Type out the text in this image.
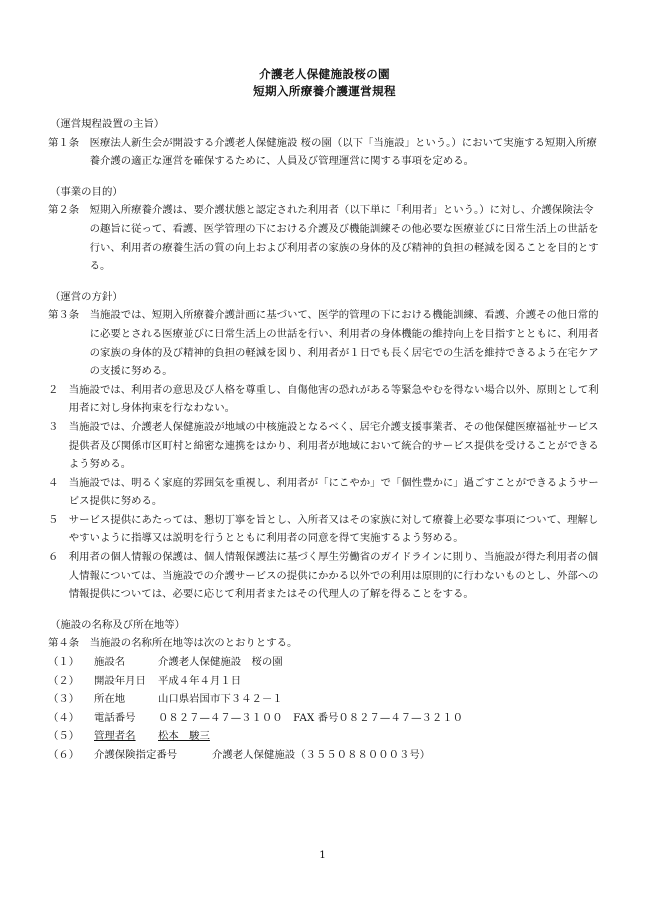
介護老人保健施設桜の園
短期入所療養介護運営規程
（運営規程設置の主旨）
第１条　 医療法人新生会が開設する介護老人保健施設 桜の園（以下「当施設」という。）において実施する短期入所療養介護の適正な運営を確保するために、人員及び管理運営に関する事項を定める。
（事業の目的）
第２条　 短期入所療養介護は、要介護状態と認定された利用者（以下単に「利用者」という。）に対し、介護保険法令の趣旨に従って、看護、医学管理の下における介護及び機能訓練その他必要な医療並びに日常生活上の世話を行い、利用者の療養生活の質の向上および利用者の家族の身体的及び精神的負担の軽減を図ることを目的とする。
（運営の方針）
第３条　 当施設では、短期入所療養介護計画に基づいて、医学的管理の下における機能訓練、看護、介護その他日常的に必要とされる医療並びに日常生活上の世話を行い、利用者の身体機能の維持向上を目指すとともに、利用者の家族の身体的及び精神的負担の軽減を図り、利用者が１日でも長く居宅での生活を維持できるよう在宅ケアの支援に努める。
２　 当施設では、利用者の意思及び人格を尊重し、自傷他害の恐れがある等緊急やむを得ない場合以外、原則として利用者に対し身体拘束を行なわない。
３　 当施設では、介護老人保健施設が地域の中核施設となるべく、居宅介護支援事業者、その他保健医療福祉サービス提供者及び関係市区町村と綿密な連携をはかり、利用者が地域において統合的サービス提供を受けることができるよう努める。
４　 当施設では、明るく家庭的雰囲気を重視し、利用者が「にこやか」で「個性豊かに」過ごすことができるようサービス提供に努める。
５　 サービス提供にあたっては、懇切丁寧を旨とし、入所者又はその家族に対して療養上必要な事項について、理解しやすいように指導又は説明を行うとともに利用者の同意を得て実施するよう努める。
６　 利用者の個人情報の保護は、個人情報保護法に基づく厚生労働省のガイドラインに則り、当施設が得た利用者の個人情報については、当施設での介護サービスの提供にかかる以外での利用は原則的に行わないものとし、外部への情報提供については、必要に応じて利用者またはその代理人の了解を得ることをする。
（施設の名称及び所在地等）
第４条　 当施設の名称所在地等は次のとおりとする。
（１）	施設名	介護老人保健施設　桜の園
（２）	開設年月日	平成４年４月１日
（３）	所在地	山口県岩国市下３４２－１
（４）	電話番号	０８２７—４７—３１００　FAX 番号０８２７—４７—３２１０
（５）	管理者名	松本　駿三
（６）	介護保険指定番号	介護老人保健施設（３５５０８８０００３号）
1
